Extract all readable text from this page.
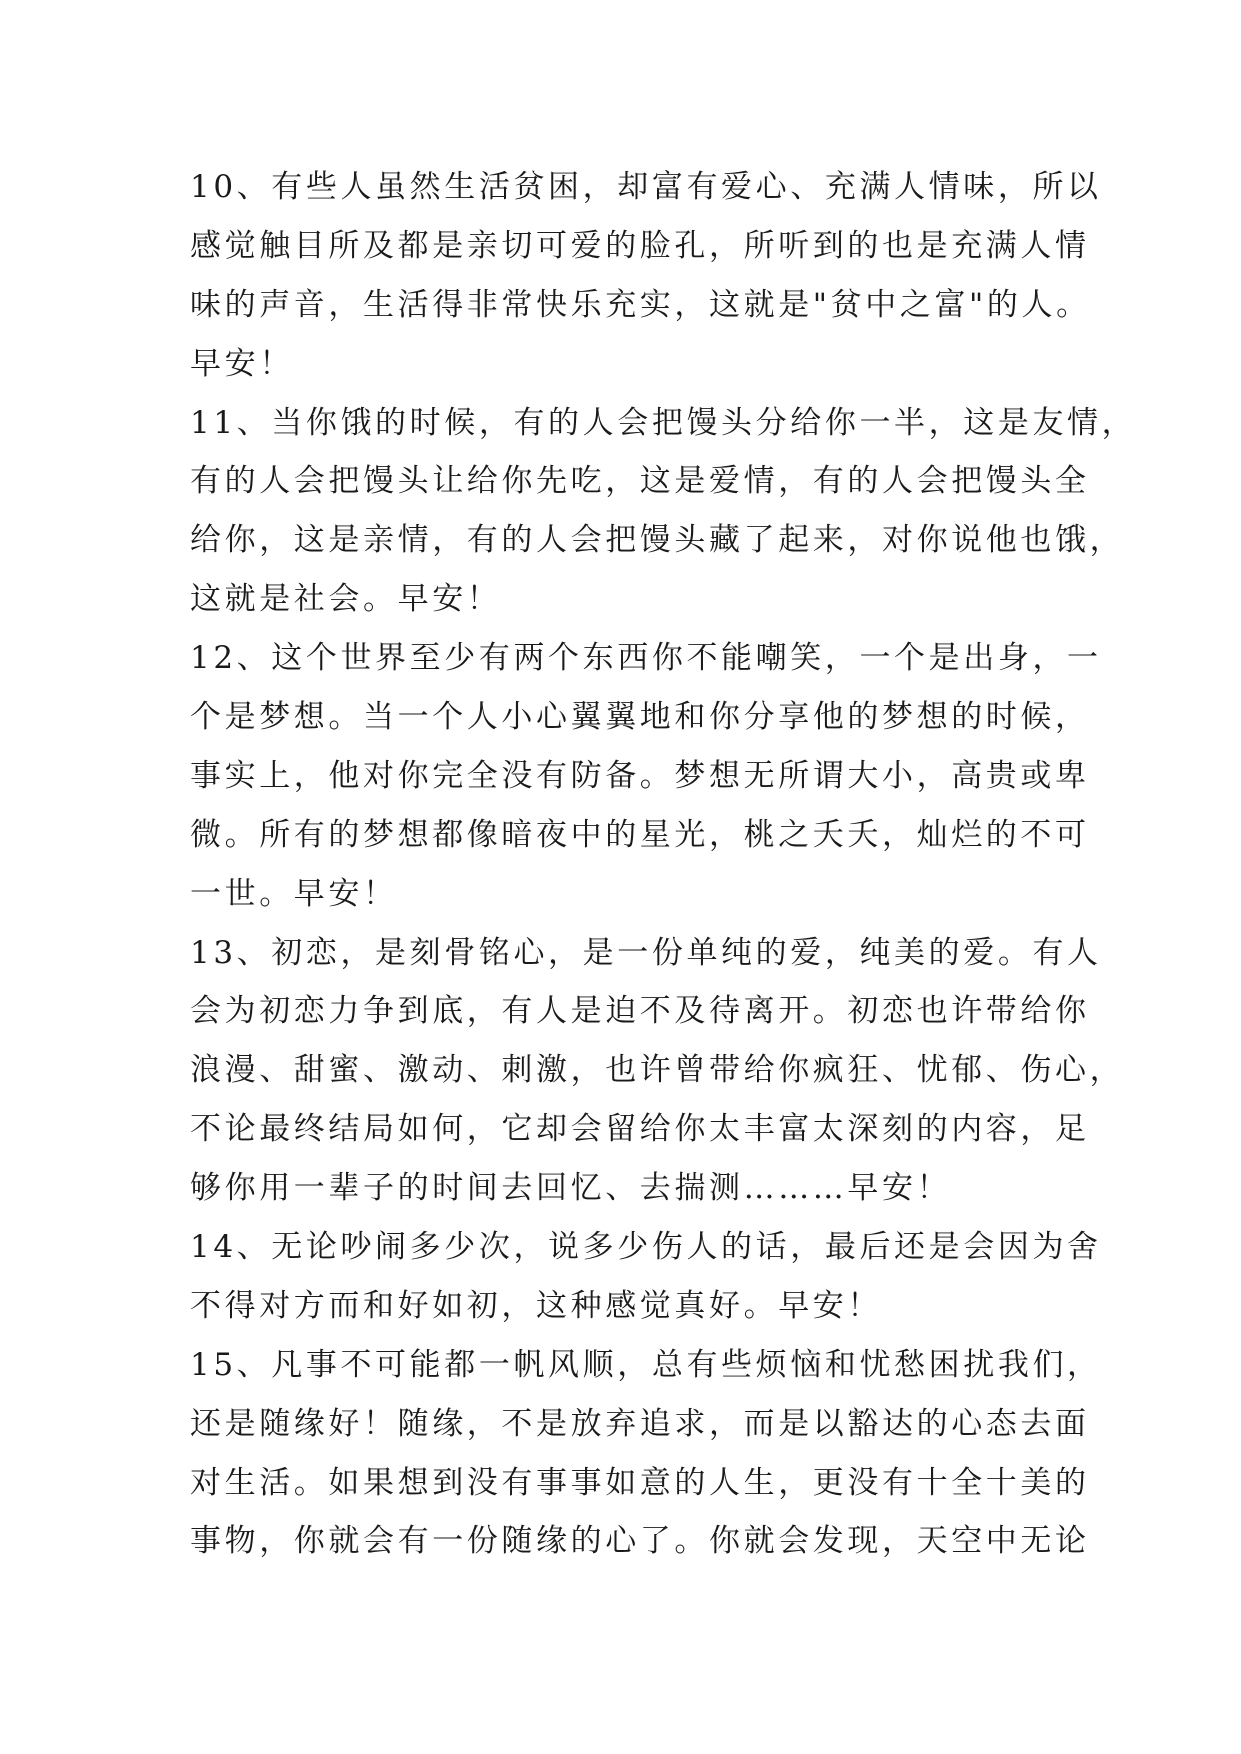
10、有些人虽然生活贫困，却富有爱心、充满人情味，所以
感觉触目所及都是亲切可爱的脸孔，所听到的也是充满人情
味的声音，生活得非常快乐充实，这就是"贫中之富"的人。
早安！
11、当你饿的时候，有的人会把馒头分给你一半，这是友情，
有的人会把馒头让给你先吃，这是爱情，有的人会把馒头全
给你，这是亲情，有的人会把馒头藏了起来，对你说他也饿，
这就是社会。早安！
12、这个世界至少有两个东西你不能嘲笑，一个是出身，一
个是梦想。当一个人小心翼翼地和你分享他的梦想的时候，
事实上，他对你完全没有防备。梦想无所谓大小，高贵或卑
微。所有的梦想都像暗夜中的星光，桃之夭夭，灿烂的不可
一世。早安！
13、初恋，是刻骨铭心，是一份单纯的爱，纯美的爱。有人
会为初恋力争到底，有人是迫不及待离开。初恋也许带给你
浪漫、甜蜜、激动、刺激，也许曾带给你疯狂、忧郁、伤心，
不论最终结局如何，它却会留给你太丰富太深刻的内容，足
够你用一辈子的时间去回忆、去揣测………早安！
14、无论吵闹多少次，说多少伤人的话，最后还是会因为舍
不得对方而和好如初，这种感觉真好。早安！
15、凡事不可能都一帆风顺，总有些烦恼和忧愁困扰我们，
还是随缘好！随缘，不是放弃追求，而是以豁达的心态去面
对生活。如果想到没有事事如意的人生，更没有十全十美的
事物，你就会有一份随缘的心了。你就会发现，天空中无论
